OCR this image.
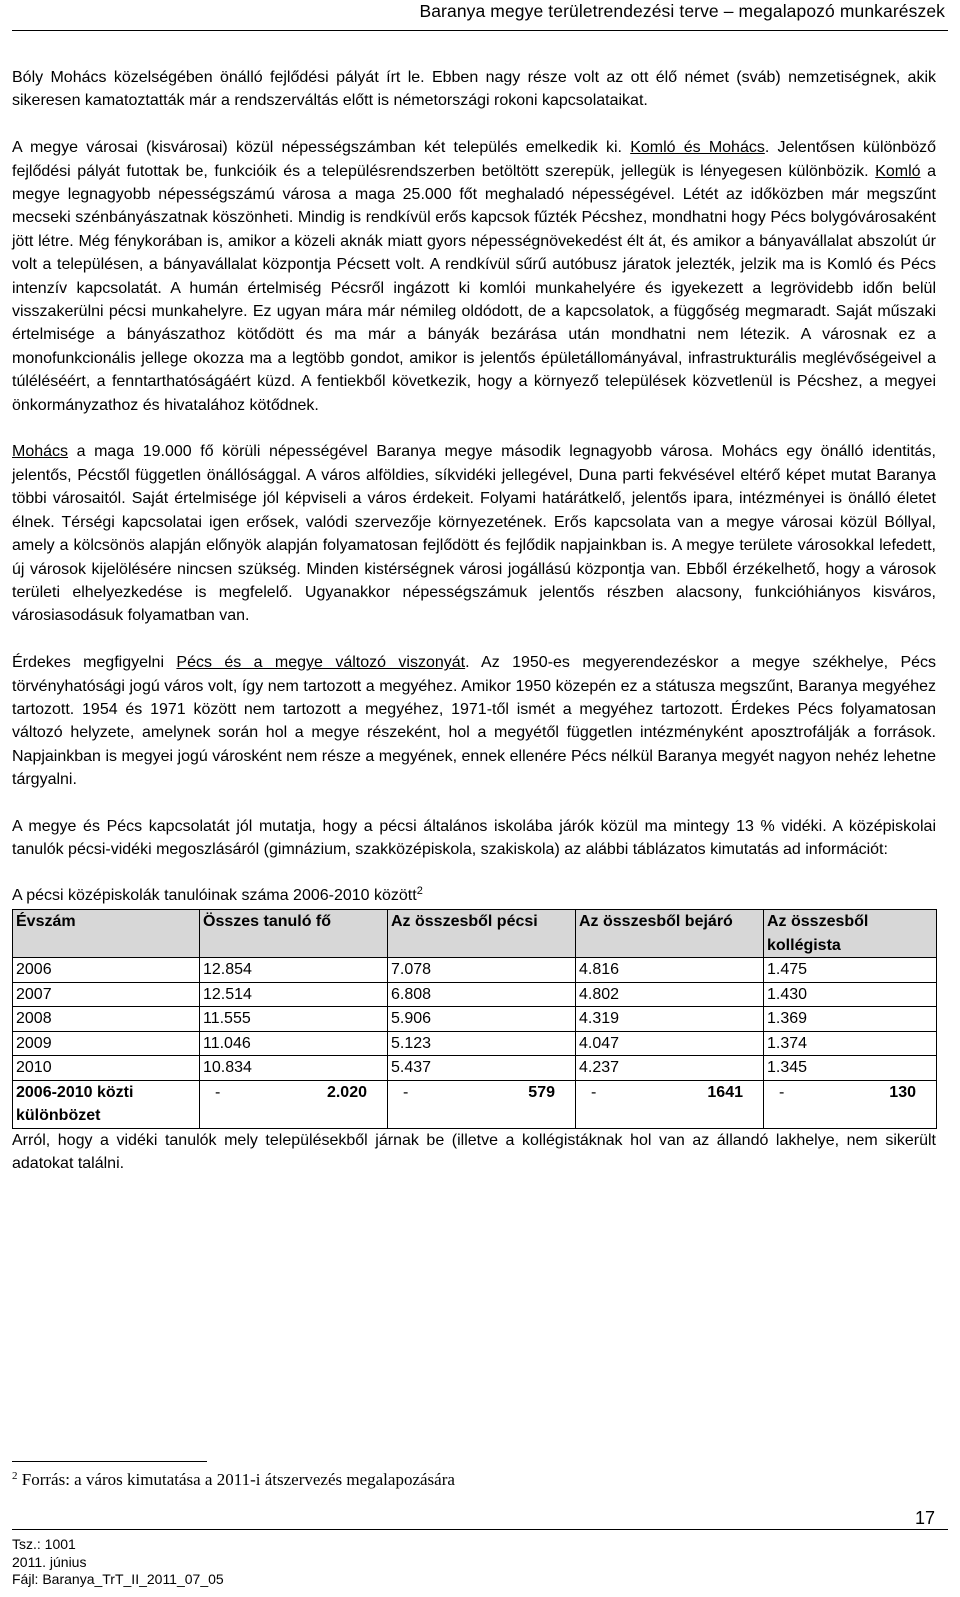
Baranya megye területrendezési terve – megalapozó munkarészek

Bóly Mohács közelségében önálló fejlődési pályát írt le. Ebben nagy része volt az ott élő német (sváb) nemzetiségnek, akik sikeresen kamatoztatták már a rendszerváltás előtt is németországi rokoni kapcsolataikat.

A megye városai (kisvárosai) közül népességszámban két település emelkedik ki. Komló és Mohács. Jelentősen különböző fejlődési pályát futottak be, funkcióik és a településrendszerben betöltött szerepük, jellegük is lényegesen különbözik. Komló a megye legnagyobb népességszámú városa a maga 25.000 főt meghaladó népességével. Létét az időközben már megszűnt mecseki szénbányászatnak köszönheti. Mindig is rendkívül erős kapcsok fűzték Pécshez, mondhatni hogy Pécs bolygóvárosaként jött létre. Még fénykorában is, amikor a közeli aknák miatt gyors népességnövekedést élt át, és amikor a bányavállalat abszolút úr volt a településen, a bányavállalat központja Pécsett volt. A rendkívül sűrű autóbusz járatok jelezték, jelzik ma is Komló és Pécs intenzív kapcsolatát. A humán értelmiség Pécsről ingázott ki komlói munkahelyére és igyekezett a legrövidebb időn belül visszakerülni pécsi munkahelyre. Ez ugyan mára már némileg oldódott, de a kapcsolatok, a függőség megmaradt. Saját műszaki értelmisége a bányászathoz kötődött és ma már a bányák bezárása után mondhatni nem létezik. A városnak ez a monofunkcionális jellege okozza ma a legtöbb gondot, amikor is jelentős épületállományával, infrastrukturális meglévőségeivel a túléléséért, a fenntarthatóságáért küzd. A fentiekből következik, hogy a környező települések közvetlenül is Pécshez, a megyei önkormányzathoz és hivatalához kötődnek.

Mohács a maga 19.000 fő körüli népességével Baranya megye második legnagyobb városa. Mohács egy önálló identitás, jelentős, Pécstől független önállósággal. A város alföldies, síkvidéki jellegével, Duna parti fekvésével eltérő képet mutat Baranya többi városaitól. Saját értelmisége jól képviseli a város érdekeit. Folyami határátkelő, jelentős ipara, intézményei is önálló életet élnek. Térségi kapcsolatai igen erősek, valódi szervezője környezetének. Erős kapcsolata van a megye városai közül Bóllyal, amely a kölcsönös alapján előnyök alapján folyamatosan fejlődött és fejlődik napjainkban is. A megye területe városokkal lefedett, új városok kijelölésére nincsen szükség. Minden kistérségnek városi jogállású központja van. Ebből érzékelhető, hogy a városok területi elhelyezkedése is megfelelő. Ugyanakkor népességszámuk jelentős részben alacsony, funkcióhiányos kisváros, városiasodásuk folyamatban van.

Érdekes megfigyelni Pécs és a megye változó viszonyát. Az 1950-es megyerendezéskor a megye székhelye, Pécs törvényhatósági jogú város volt, így nem tartozott a megyéhez. Amikor 1950 közepén ez a státusza megszűnt, Baranya megyéhez tartozott. 1954 és 1971 között nem tartozott a megyéhez, 1971-től ismét a megyéhez tartozott. Érdekes Pécs folyamatosan változó helyzete, amelynek során hol a megye részeként, hol a megyétől független intézményként aposztrofálják a források. Napjainkban is megyei jogú városként nem része a megyének, ennek ellenére Pécs nélkül Baranya megyét nagyon nehéz lehetne tárgyalni.

A megye és Pécs kapcsolatát jól mutatja, hogy a pécsi általános iskolába járók közül ma mintegy 13 % vidéki. A középiskolai tanulók pécsi-vidéki megoszlásáról (gimnázium, szakközépiskola, szakiskola) az alábbi táblázatos kimutatás ad információt:

A pécsi középiskolák tanulóinak száma 2006-2010 között$^2$
Évszám	Összes tanuló fő	Az összesből pécsi	Az összesből bejáró	Az összesből kollégista
2006	12.854	7.078	4.816	1.475
2007	12.514	6.808	4.802	1.430
2008	11.555	5.906	4.319	1.369
2009	11.046	5.123	4.047	1.374
2010	10.834	5.437	4.237	1.345
2006-2010 közti különbözet	- 2.020	- 579	- 1641	- 130

Arról, hogy a vidéki tanulók mely településekből járnak be (illetve a kollégistáknak hol van az állandó lakhelye, nem sikerült adatokat találni.

$^2$ Forrás: a város kimutatása a 2011-i átszervezés megalapozására
Tsz.: 1001
2011. június
Fájl: Baranya_TrT_II_2011_07_05
17
